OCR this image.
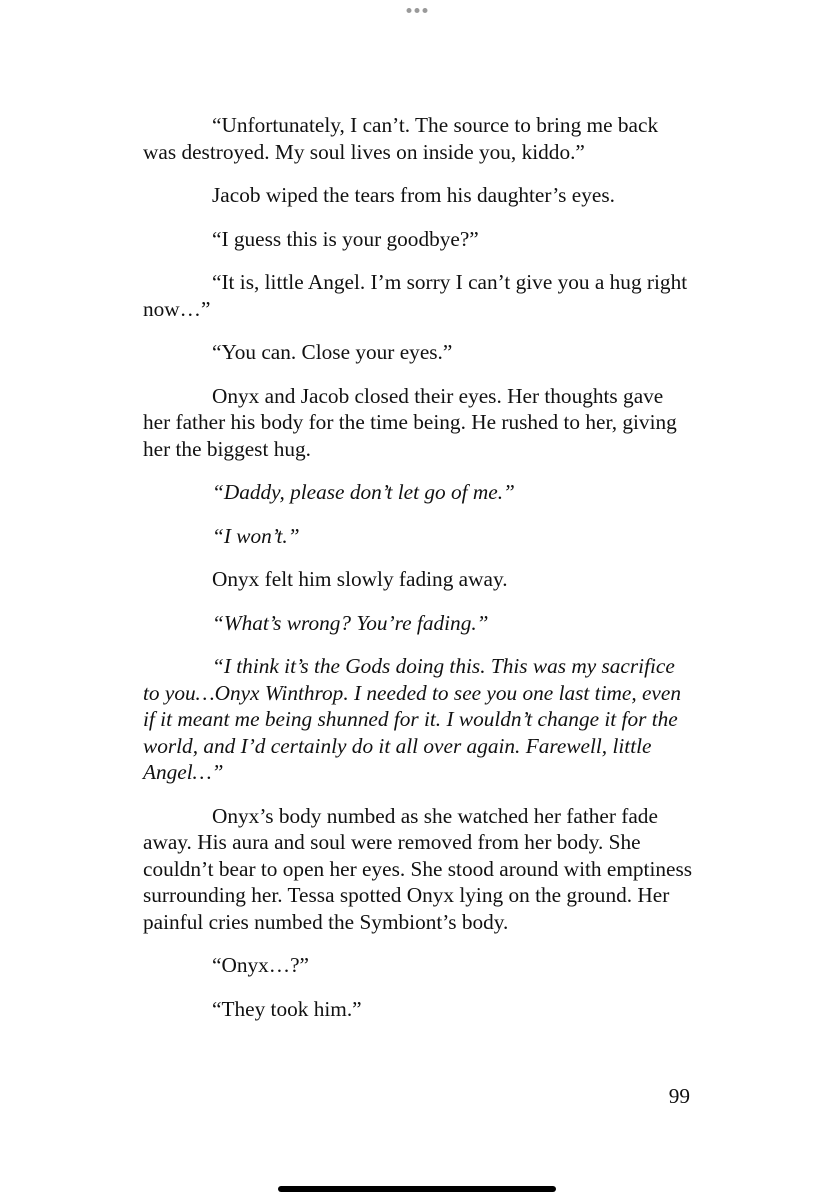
“Unfortunately, I can’t. The source to bring me back was destroyed. My soul lives on inside you, kiddo.”

Jacob wiped the tears from his daughter’s eyes.

“I guess this is your goodbye?”

“It is, little Angel. I’m sorry I can’t give you a hug right now…”

“You can. Close your eyes.”

Onyx and Jacob closed their eyes. Her thoughts gave her father his body for the time being. He rushed to her, giving her the biggest hug.

“Daddy, please don’t let go of me.”

“I won’t.”

Onyx felt him slowly fading away.

“What’s wrong? You’re fading.”

“I think it’s the Gods doing this. This was my sacrifice to you…Onyx Winthrop. I needed to see you one last time, even if it meant me being shunned for it. I wouldn’t change it for the world, and I’d certainly do it all over again. Farewell, little Angel…”

Onyx’s body numbed as she watched her father fade away. His aura and soul were removed from her body. She couldn’t bear to open her eyes. She stood around with emptiness surrounding her. Tessa spotted Onyx lying on the ground. Her painful cries numbed the Symbiont’s body.

“Onyx…?”

“They took him.”

99
